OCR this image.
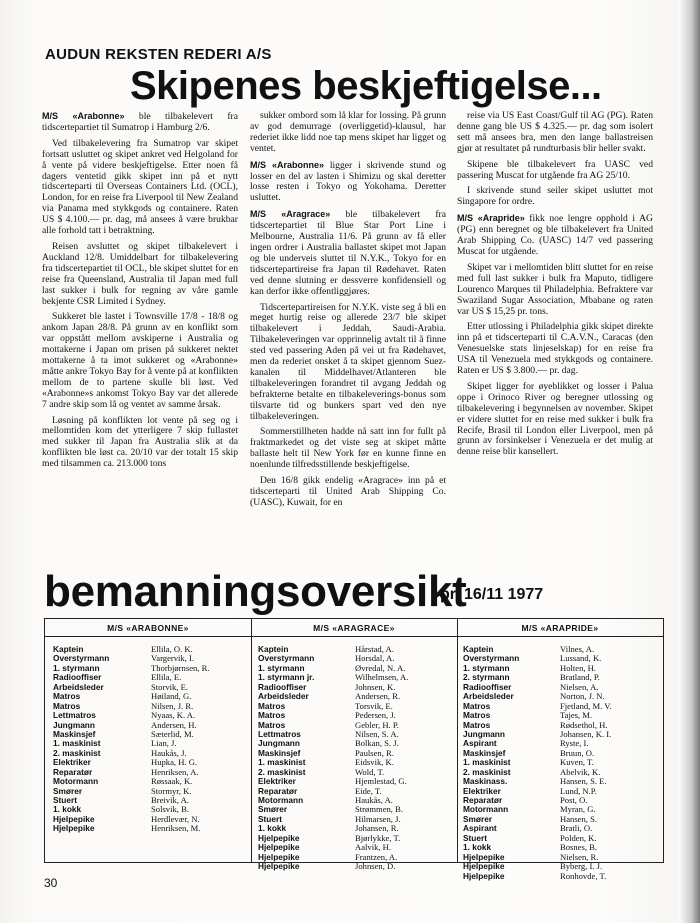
AUDUN REKSTEN REDERI A/S
Skipenes beskjeftigelse...

M/S «Arabonne» ble tilbakelevert fra tidscertepartiet til Sumatrop i Hamburg 2/6.

Ved tilbakelevering fra Sumatrop var skipet fortsatt usluttet og skipet ankret ved Helgoland for å vente på videre beskjeftigelse. Etter noen få dagers ventetid gikk skipet inn på et nytt tidscerteparti til Overseas Containers Ltd. (OCL), London, for en reise fra Liverpool til New Zealand via Panama med stykkgods og containere. Raten US $ 4.100.— pr. dag, må ansees å være brukbar alle forhold tatt i betraktning.

Reisen avsluttet og skipet tilbakelevert i Auckland 12/8. Umiddelbart for tilbakelevering fra tidscertepartiet til OCL, ble skipet sluttet for en reise fra Queensland, Australia til Japan med full last sukker i bulk for regning av våre gamle bekjente CSR Limited i Sydney.

Sukkeret ble lastet i Townsville 17/8 - 18/8 og ankom Japan 28/8. På grunn av en konflikt som var oppstått mellom avskiperne i Australia og mottakerne i Japan om prisen på sukkeret nektet mottakerne å ta imot sukkeret og «Arabonne» måtte ankre Tokyo Bay for å vente på at konflikten mellom de to partene skulle bli løst. Ved «Arabonne»s ankomst Tokyo Bay var det allerede 7 andre skip som lå og ventet av samme årsak.

Løsning på konflikten lot vente på seg og i mellomtiden kom det ytterligere 7 skip fullastet med sukker til Japan fra Australia slik at da konflikten ble løst ca. 20/10 var der totalt 15 skip med tilsammen ca. 213.000 tons

sukker ombord som lå klar for lossing. På grunn av god demurrage (overliggetid)-klausul, har rederiet ikke lidd noe tap mens skipet har ligget og ventet.

M/S «Arabonne» ligger i skrivende stund og losser en del av lasten i Shimizu og skal deretter losse resten i Tokyo og Yokohama. Deretter usluttet.

M/S «Aragrace» ble tilbakelevert fra tidscertepartiet til Blue Star Port Line i Melbourne, Australia 11/6. På grunn av få eller ingen ordrer i Australia ballastet skipet mot Japan og ble underveis sluttet til N.Y.K., Tokyo for en tidscertepartireise fra Japan til Rødehavet. Raten ved denne slutning er dessverre konfidensiell og kan derfor ikke offentliggjøres.

Tidscertepartireisen for N.Y.K. viste seg å bli en meget hurtig reise og allerede 23/7 ble skipet tilbakelevert i Jeddah, Saudi-Arabia. Tilbakeleveringen var opprinnelig avtalt til å finne sted ved passering Aden på vei ut fra Rødehavet, men da rederiet onsket å ta skipet gjennom Suez-kanalen til Middelhavet/Atlanteren ble tilbakeleveringen forandret til avgang Jeddah og befrakterne betalte en tilbakeleverings-bonus som tilsvarte tid og bunkers spart ved den nye tilbakeleveringen.

Sommerstillheten hadde nå satt inn for fullt på fraktmarkedet og det viste seg at skipet måtte ballaste helt til New York før en kunne finne en noenlunde tilfredsstillende beskjeftigelse.

Den 16/8 gikk endelig «Aragrace» inn på et tidscerteparti til United Arab Shipping Co. (UASC), Kuwait, for en

reise via US East Coast/Gulf til AG (PG). Raten denne gang ble US $ 4.325.— pr. dag som isolert sett må ansees bra, men den lange ballastreisen gjør at resultatet på rundturbasis blir heller svakt.

Skipene ble tilbakelevert fra UASC ved passering Muscat for utgående fra AG 25/10.

I skrivende stund seiler skipet usluttet mot Singapore for ordre.

M/S «Arapride» fikk noe lengre opphold i AG (PG) enn beregnet og ble tilbakelevert fra United Arab Shipping Co. (UASC) 14/7 ved passering Muscat for utgående.

Skipet var i mellomtiden blitt sluttet for en reise med full last sukker i bulk fra Maputo, tidligere Lourenco Marques til Philadelphia. Befraktere var Swaziland Sugar Association, Mbabane og raten var US $ 15,25 pr. tons.

Etter utlossing i Philadelphia gikk skipet direkte inn på et tidscerteparti til C.A.V.N., Caracas (den Venesuelske stats linjeselskap) for en reise fra USA til Venezuela med stykkgods og containere. Raten er US $ 3.800.— pr. dag.

Skipet ligger for øyeblikket og losser i Palua oppe i Orinoco River og beregner utlossing og tilbakelevering i begynnelsen av november. Skipet er videre sluttet for en reise med sukker i bulk fra Recife, Brasil til London eller Liverpool, men på grunn av forsinkelser i Venezuela er det mulig at denne reise blir kansellert.

bemanningsoversikt
pr. 16/11 1977
M/S «ARABONNE»	M/S «ARAGRACE»	M/S «ARAPRIDE»
Kaptein
Overstyrmann
1. styrmann
Radiooffiser
Arbeidsleder
Matros
Matros
Lettmatros
Jungmann
Maskinsjef
1. maskinist
2. maskinist
Elektriker
Reparatør
Motormann
Smører
Stuert
1. kokk
Hjelpepike
Hjelpepike
Ellila, O. K.
Vargervik, I.
Thorbjørnsen, R.
Ellila, E.
Storvik, E.
Høiland, G.
Nilsen, J. R.
Nyaas, K. A.
Andersen, H.
Sæterlid, M.
Lian, J.
Haukås, J.
Hupka, H. G.
Henriksen, A.
Røssaak, K.
Stormyr, K.
Breivik, A.
Solsvik, B.
Herdlevær, N.
Henriksen, M.
Kaptein
Overstyrmann
1. styrmann
1. styrmann jr.
Radiooffiser
Arbeidsleder
Matros
Matros
Matros
Lettmatros
Jungmann
Maskinsjef
1. maskinist
2. maskinist
Elektriker
Reparatør
Motormann
Smører
Stuert
1. kokk
Hjelpepike
Hjelpepike
Hjelpepike
Hjelpepike
Hårstad, A.
Horsdal, A.
Øvredal, N. A.
Wilhelmsen, A.
Johnsen, K.
Andersen, R.
Torsvik, E.
Pedersen, J.
Gebler, H. P.
Nilsen, S. A.
Bolkan, S. J.
Paulsen, R.
Eidsvik, K.
Wold, T.
Hjemlestad, G.
Eide, T.
Haukås, A.
Strømmen, B.
Hilmarsen, J.
Johansen, R.
Bjørlykke, T.
Aalvik, H.
Frantzen, A.
Johnsen, D.
Kaptein
Overstyrmann
1. styrmann
2. styrmann
Radiooffiser
Arbeidsleder
Matros
Matros
Matros
Jungmann
Aspirant
Maskinsjef
1. maskinist
2. maskinist
Maskinass.
Elektriker
Reparatør
Motormann
Smører
Aspirant
Stuert
1. kokk
Hjelpepike
Hjelpepike
Hjelpepike
Vilnes, A.
Lussand, K.
Holten, H.
Bratland, P.
Nielsen, A.
Norton, J. N.
Fjetland, M. V.
Tajes, M.
Rødsethol, H.
Johansen, K. I.
Ryste, I.
Bruun, O.
Kuven, T.
Abelvik, K.
Hansen, S. E.
Lund, N.P.
Post, O.
Myran, G.
Hansen, S.
Bratli, O.
Polden, K.
Bosnes, B.
Nielsen, R.
Byberg, I. J.
Ronhovde, T.
30
